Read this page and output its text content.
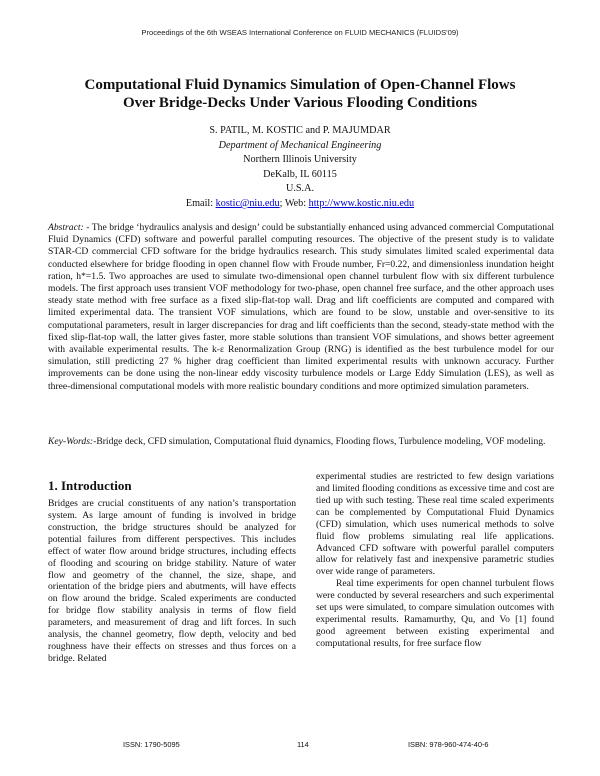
Proceedings of the 6th WSEAS International Conference on FLUID MECHANICS (FLUIDS'09)
Computational Fluid Dynamics Simulation of Open-Channel Flows
Over Bridge-Decks Under Various Flooding Conditions
S. PATIL, M. KOSTIC and P. MAJUMDAR
Department of Mechanical Engineering
Northern Illinois University
DeKalb, IL 60115
U.S.A.
Email: kostic@niu.edu; Web: http://www.kostic.niu.edu
Abstract: - The bridge ‘hydraulics analysis and design’ could be substantially enhanced using advanced commercial Computational Fluid Dynamics (CFD) software and powerful parallel computing resources. The objective of the present study is to validate STAR-CD commercial CFD software for the bridge hydraulics research. This study simulates limited scaled experimental data conducted elsewhere for bridge flooding in open channel flow with Froude number, Fr=0.22, and dimensionless inundation height ration, h*=1.5. Two approaches are used to simulate two-dimensional open channel turbulent flow with six different turbulence models. The first approach uses transient VOF methodology for two-phase, open channel free surface, and the other approach uses steady state method with free surface as a fixed slip-flat-top wall. Drag and lift coefficients are computed and compared with limited experimental data. The transient VOF simulations, which are found to be slow, unstable and over-sensitive to its computational parameters, result in larger discrepancies for drag and lift coefficients than the second, steady-state method with the fixed slip-flat-top wall, the latter gives faster, more stable solutions than transient VOF simulations, and shows better agreement with available experimental results. The k-ε Renormalization Group (RNG) is identified as the best turbulence model for our simulation, still predicting 27 % higher drag coefficient than limited experimental results with unknown accuracy. Further improvements can be done using the non-linear eddy viscosity turbulence models or Large Eddy Simulation (LES), as well as three-dimensional computational models with more realistic boundary conditions and more optimized simulation parameters.
Key-Words:-Bridge deck, CFD simulation, Computational fluid dynamics, Flooding flows, Turbulence modeling, VOF modeling.
1. Introduction

Bridges are crucial constituents of any nation’s transportation system. As large amount of funding is involved in bridge construction, the bridge structures should be analyzed for potential failures from different perspectives. This includes effect of water flow around bridge structures, including effects of flooding and scouring on bridge stability. Nature of water flow and geometry of the channel, the size, shape, and orientation of the bridge piers and abutments, will have effects on flow around the bridge. Scaled experiments are conducted for bridge flow stability analysis in terms of flow field parameters, and measurement of drag and lift forces. In such analysis, the channel geometry, flow depth, velocity and bed roughness have their effects on stresses and thus forces on a bridge. Related

experimental studies are restricted to few design variations and limited flooding conditions as excessive time and cost are tied up with such testing. These real time scaled experiments can be complemented by Computational Fluid Dynamics (CFD) simulation, which uses numerical methods to solve fluid flow problems simulating real life applications. Advanced CFD software with powerful parallel computers allow for relatively fast and inexpensive parametric studies over wide range of parameters.

Real time experiments for open channel turbulent flows were conducted by several researchers and such experimental set ups were simulated, to compare simulation outcomes with experimental results. Ramamurthy, Qu, and Vo [1] found good agreement between existing experimental and computational results, for free surface flow

ISSN: 1790-5095	114	ISBN: 978-960-474-40-6
